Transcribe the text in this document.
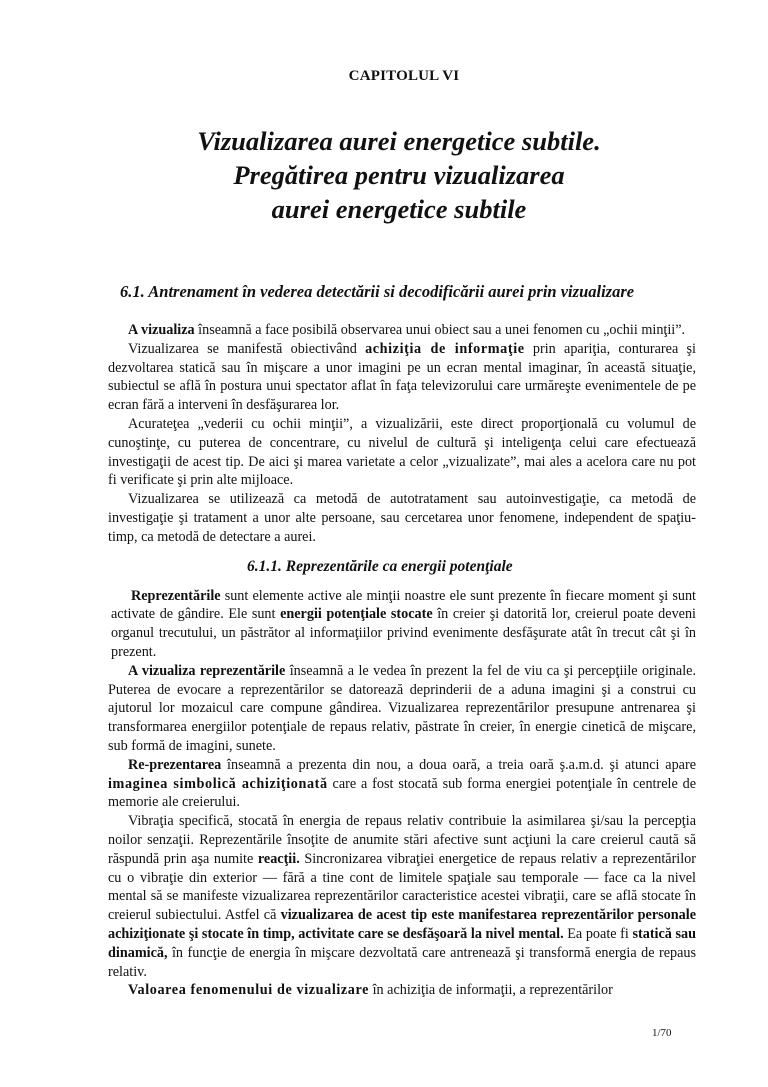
CAPITOLUL VI
Vizualizarea aurei energetice subtile.
Pregătirea pentru vizualizarea
aurei energetice subtile
6.1. Antrenament în vederea detectării si decodificării aurei prin vizualizare

A vizualiza înseamnă a face posibilă observarea unui obiect sau a unei fenomen cu „ochii minţii”.

Vizualizarea se manifestă obiectivând achiziţia de informaţie prin apariţia, conturarea şi dezvoltarea statică sau în mişcare a unor imagini pe un ecran mental imaginar, în această situaţie, subiectul se află în postura unui spectator aflat în faţa televizorului care urmăreşte evenimentele de pe ecran fără a interveni în desfăşurarea lor.

Acurateţea „vederii cu ochii minţii”, a vizualizării, este direct proporţională cu volumul de cunoştinţe, cu puterea de concentrare, cu nivelul de cultură şi inteligenţa celui care efectuează investigaţii de acest tip. De aici şi marea varietate a celor „vizualizate”, mai ales a acelora care nu pot fi verificate şi prin alte mijloace.

Vizualizarea se utilizează ca metodă de autotratament sau autoinvestigaţie, ca metodă de investigaţie şi tratament a unor alte persoane, sau cercetarea unor fenomene, independent de spaţiu-timp, ca metodă de detectare a aurei.

6.1.1. Reprezentările ca energii potenţiale

Reprezentările sunt elemente active ale minţii noastre ele sunt prezente în fiecare moment şi sunt activate de gândire. Ele sunt energii potenţiale stocate în creier şi datorită lor, creierul poate deveni organul trecutului, un păstrător al informaţiilor privind evenimente desfăşurate atât în trecut cât şi în prezent.

A vizualiza reprezentările înseamnă a le vedea în prezent la fel de viu ca şi percepţiile originale. Puterea de evocare a reprezentărilor se datorează deprinderii de a aduna imagini şi a construi cu ajutorul lor mozaicul care compune gândirea. Vizualizarea reprezentărilor presupune antrenarea şi transformarea energiilor potenţiale de repaus relativ, păstrate în creier, în energie cinetică de mişcare, sub formă de imagini, sunete.

Re-prezentarea înseamnă a prezenta din nou, a doua oară, a treia oară ş.a.m.d. şi atunci apare imaginea simbolică achiziţionată care a fost stocată sub forma energiei potenţiale în centrele de memorie ale creierului.

Vibraţia specifică, stocată în energia de repaus relativ contribuie la asimilarea şi/sau la percepţia noilor senzaţii. Reprezentările însoţite de anumite stări afective sunt acţiuni la care creierul caută să răspundă prin aşa numite reacţii. Sincronizarea vibraţiei energetice de repaus relativ a reprezentărilor cu o vibraţie din exterior — fără a tine cont de limitele spaţiale sau temporale — face ca la nivel mental să se manifeste vizualizarea reprezentărilor caracteristice acestei vibraţii, care se află stocate în creierul subiectului. Astfel că vizualizarea de acest tip este manifestarea reprezentărilor personale achiziţionate şi stocate în timp, activitate care se desfăşoară la nivel mental. Ea poate fi statică sau dinamică, în funcţie de energia în mişcare dezvoltată care antrenează şi transformă energia de repaus relativ.

Valoarea fenomenului de vizualizare în achiziţia de informaţii, a reprezentărilor

1/70
